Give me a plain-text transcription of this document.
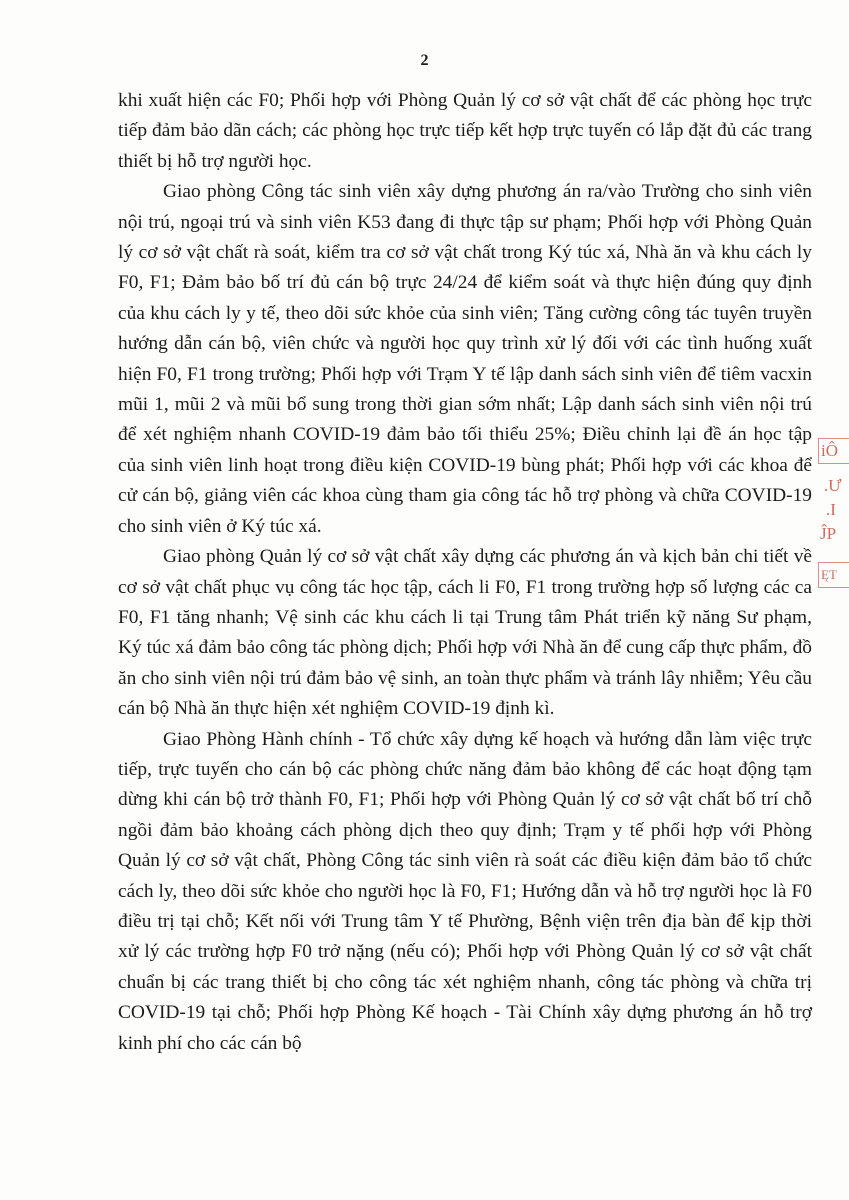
2

khi xuất hiện các F0; Phối hợp với Phòng Quản lý cơ sở vật chất để các phòng học trực tiếp đảm bảo dãn cách; các phòng học trực tiếp kết hợp trực tuyến có lắp đặt đủ các trang thiết bị hỗ trợ người học.

Giao phòng Công tác sinh viên xây dựng phương án ra/vào Trường cho sinh viên nội trú, ngoại trú và sinh viên K53 đang đi thực tập sư phạm; Phối hợp với Phòng Quản lý cơ sở vật chất rà soát, kiểm tra cơ sở vật chất trong Ký túc xá, Nhà ăn và khu cách ly F0, F1; Đảm bảo bố trí đủ cán bộ trực 24/24 để kiểm soát và thực hiện đúng quy định của khu cách ly y tế, theo dõi sức khỏe của sinh viên; Tăng cường công tác tuyên truyền hướng dẫn cán bộ, viên chức và người học quy trình xử lý đối với các tình huống xuất hiện F0, F1 trong trường; Phối hợp với Trạm Y tế lập danh sách sinh viên để tiêm vacxin mũi 1, mũi 2 và mũi bổ sung trong thời gian sớm nhất; Lập danh sách sinh viên nội trú để xét nghiệm nhanh COVID-19 đảm bảo tối thiểu 25%; Điều chỉnh lại đề án học tập của sinh viên linh hoạt trong điều kiện COVID-19 bùng phát; Phối hợp với các khoa để cử cán bộ, giảng viên các khoa cùng tham gia công tác hỗ trợ phòng và chữa COVID-19 cho sinh viên ở Ký túc xá.

Giao phòng Quản lý cơ sở vật chất xây dựng các phương án và kịch bản chi tiết về cơ sở vật chất phục vụ công tác học tập, cách li F0, F1 trong trường hợp số lượng các ca F0, F1 tăng nhanh; Vệ sinh các khu cách li tại Trung tâm Phát triển kỹ năng Sư phạm, Ký túc xá đảm bảo công tác phòng dịch; Phối hợp với Nhà ăn để cung cấp thực phẩm, đồ ăn cho sinh viên nội trú đảm bảo vệ sinh, an toàn thực phẩm và tránh lây nhiễm; Yêu cầu cán bộ Nhà ăn thực hiện xét nghiệm COVID-19 định kì.

Giao Phòng Hành chính - Tổ chức xây dựng kế hoạch và hướng dẫn làm việc trực tiếp, trực tuyến cho cán bộ các phòng chức năng đảm bảo không để các hoạt động tạm dừng khi cán bộ trở thành F0, F1; Phối hợp với Phòng Quản lý cơ sở vật chất bố trí chỗ ngồi đảm bảo khoảng cách phòng dịch theo quy định; Trạm y tế phối hợp với Phòng Quản lý cơ sở vật chất, Phòng Công tác sinh viên rà soát các điều kiện đảm bảo tổ chức cách ly, theo dõi sức khỏe cho người học là F0, F1; Hướng dẫn và hỗ trợ người học là F0 điều trị tại chỗ; Kết nối với Trung tâm Y tế Phường, Bệnh viện trên địa bàn để kịp thời xử lý các trường hợp F0 trở nặng (nếu có); Phối hợp với Phòng Quản lý cơ sở vật chất chuẩn bị các trang thiết bị cho công tác xét nghiệm nhanh, công tác phòng và chữa trị COVID-19 tại chỗ; Phối hợp Phòng Kế hoạch - Tài Chính xây dựng phương án hỗ trợ kinh phí cho các cán bộ

iÔ
.Ư
.I
ĴP
ĘT
